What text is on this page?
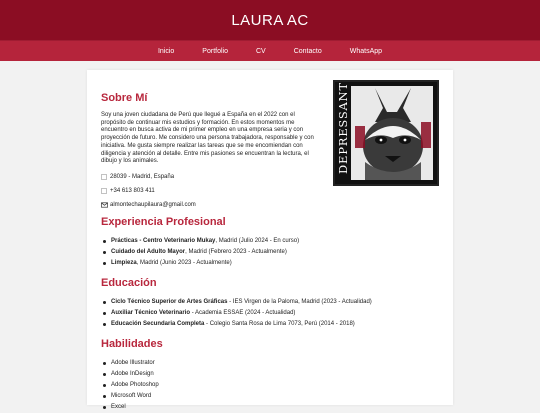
LAURA AC
Inicio	Portfolio	CV	Contacto	WhatsApp
Sobre Mí

Soy una joven ciudadana de Perú que llegué a España en el 2022 con el propósito de continuar mis estudios y formación. En estos momentos me encuentro en busca activa de mi primer empleo en una empresa seria y con proyección de futuro. Me considero una persona trabajadora, responsable y con iniciativa. Me gusta siempre realizar las tareas que se me encomiendan con diligencia y atención al detalle. Entre mis pasiones se encuentran la lectura, el dibujo y los animales.

28039 - Madrid, España
+34 613 803 411
almontechaupilaura@gmail.com
DEPRESSANT
Experiencia Profesional
Prácticas - Centro Veterinario Mukay, Madrid (Julio 2024 - En curso)
Cuidado del Adulto Mayor, Madrid (Febrero 2023 - Actualmente)
Limpieza, Madrid (Junio 2023 - Actualmente)
Educación
Ciclo Técnico Superior de Artes Gráficas - IES Virgen de la Paloma, Madrid (2023 - Actualidad)
Auxiliar Técnico Veterinario - Academia ESSAE (2024 - Actualidad)
Educación Secundaria Completa - Colegio Santa Rosa de Lima 7073, Perú (2014 - 2018)
Habilidades
Adobe Illustrator
Adobe InDesign
Adobe Photoshop
Microsoft Word
Excel
